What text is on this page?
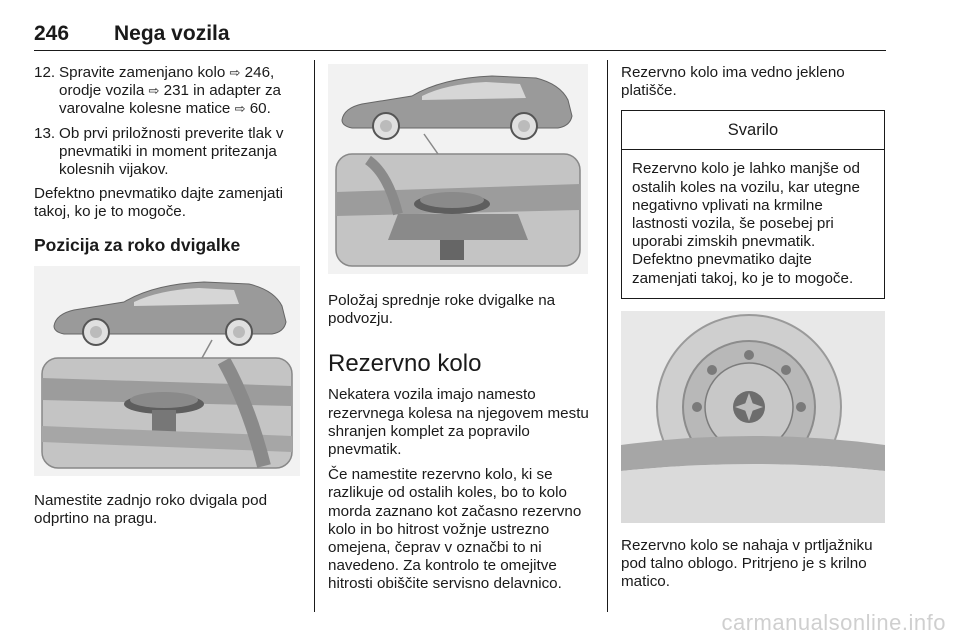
246 Nega vozila
12. Spravite zamenjano kolo ⇨ 246, orodje vozila ⇨ 231 in adapter za varovalne kolesne matice ⇨ 60.
13. Ob prvi priložnosti preverite tlak v pnevmatiki in moment pritezanja kolesnih vijakov.

Defektno pnevmatiko dajte zamenjati takoj, ko je to mogoče.

Pozicija za roko dvigalke

Namestite zadnjo roko dvigala pod odprtino na pragu.

Položaj sprednje roke dvigalke na podvozju.

Rezervno kolo

Nekatera vozila imajo namesto rezervnega kolesa na njegovem mestu shranjen komplet za popravilo pnevmatik.

Če namestite rezervno kolo, ki se razlikuje od ostalih koles, bo to kolo morda zaznano kot začasno rezervno kolo in bo hitrost vožnje ustrezno omejena, čeprav v označbi to ni navedeno. Za kontrolo te omejitve hitrosti obiščite servisno delavnico.

Rezervno kolo ima vedno jekleno platišče.

Svarilo
Rezervno kolo je lahko manjše od ostalih koles na vozilu, kar utegne negativno vplivati na krmilne lastnosti vozila, še posebej pri uporabi zimskih pnevmatik. Defektno pnevmatiko dajte zamenjati takoj, ko je to mogoče.

Rezervno kolo se nahaja v prtljažniku pod talno oblogo. Pritrjeno je s krilno matico.

carmanualsonline.info
